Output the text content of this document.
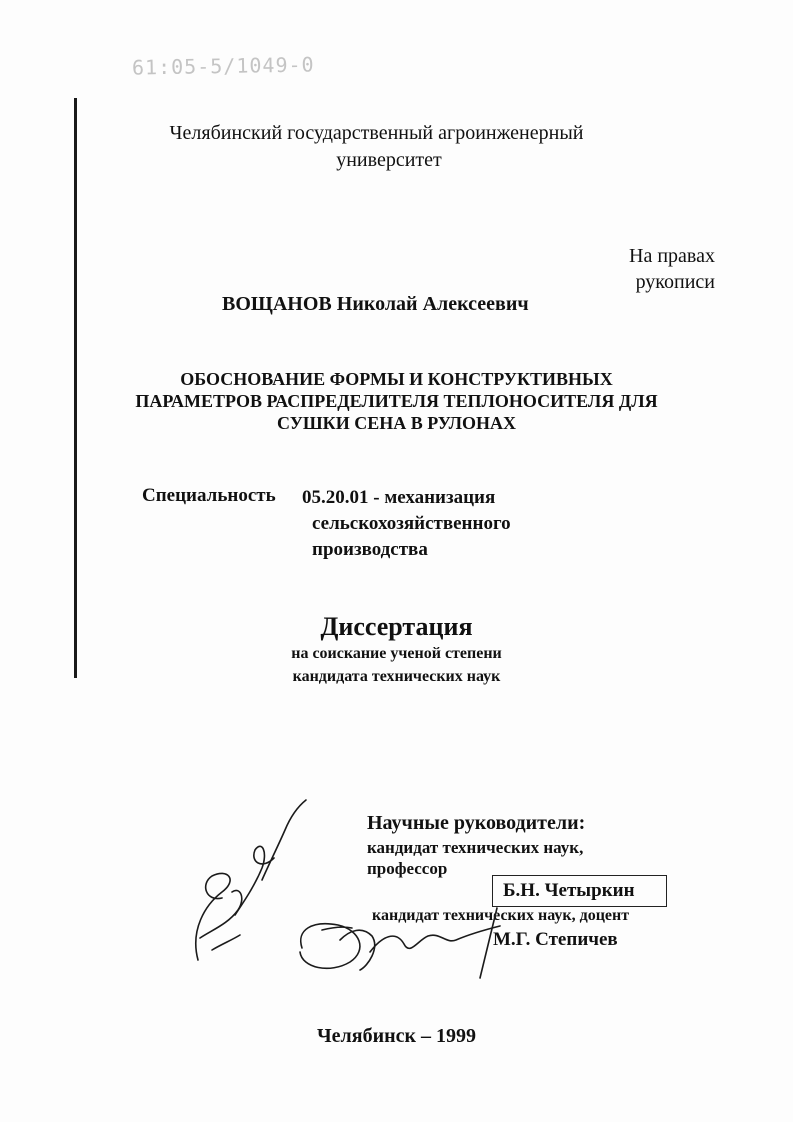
61:05-5/1049-0
Челябинский государственный агроинженерный
университет
На правах
рукописи
ВОЩАНОВ Николай Алексеевич
ОБОСНОВАНИЕ ФОРМЫ И КОНСТРУКТИВНЫХ
ПАРАМЕТРОВ РАСПРЕДЕЛИТЕЛЯ ТЕПЛОНОСИТЕЛЯ ДЛЯ
СУШКИ СЕНА В РУЛОНАХ
Специальность 05.20.01 - механизация
сельскохозяйственного
производства
Диссертация
на соискание ученой степени
кандидата технических наук
Научные руководители:
кандидат технических наук,
профессор
Б.Н. Четыркин
кандидат технических наук, доцент
М.Г. Степичев
Челябинск – 1999
